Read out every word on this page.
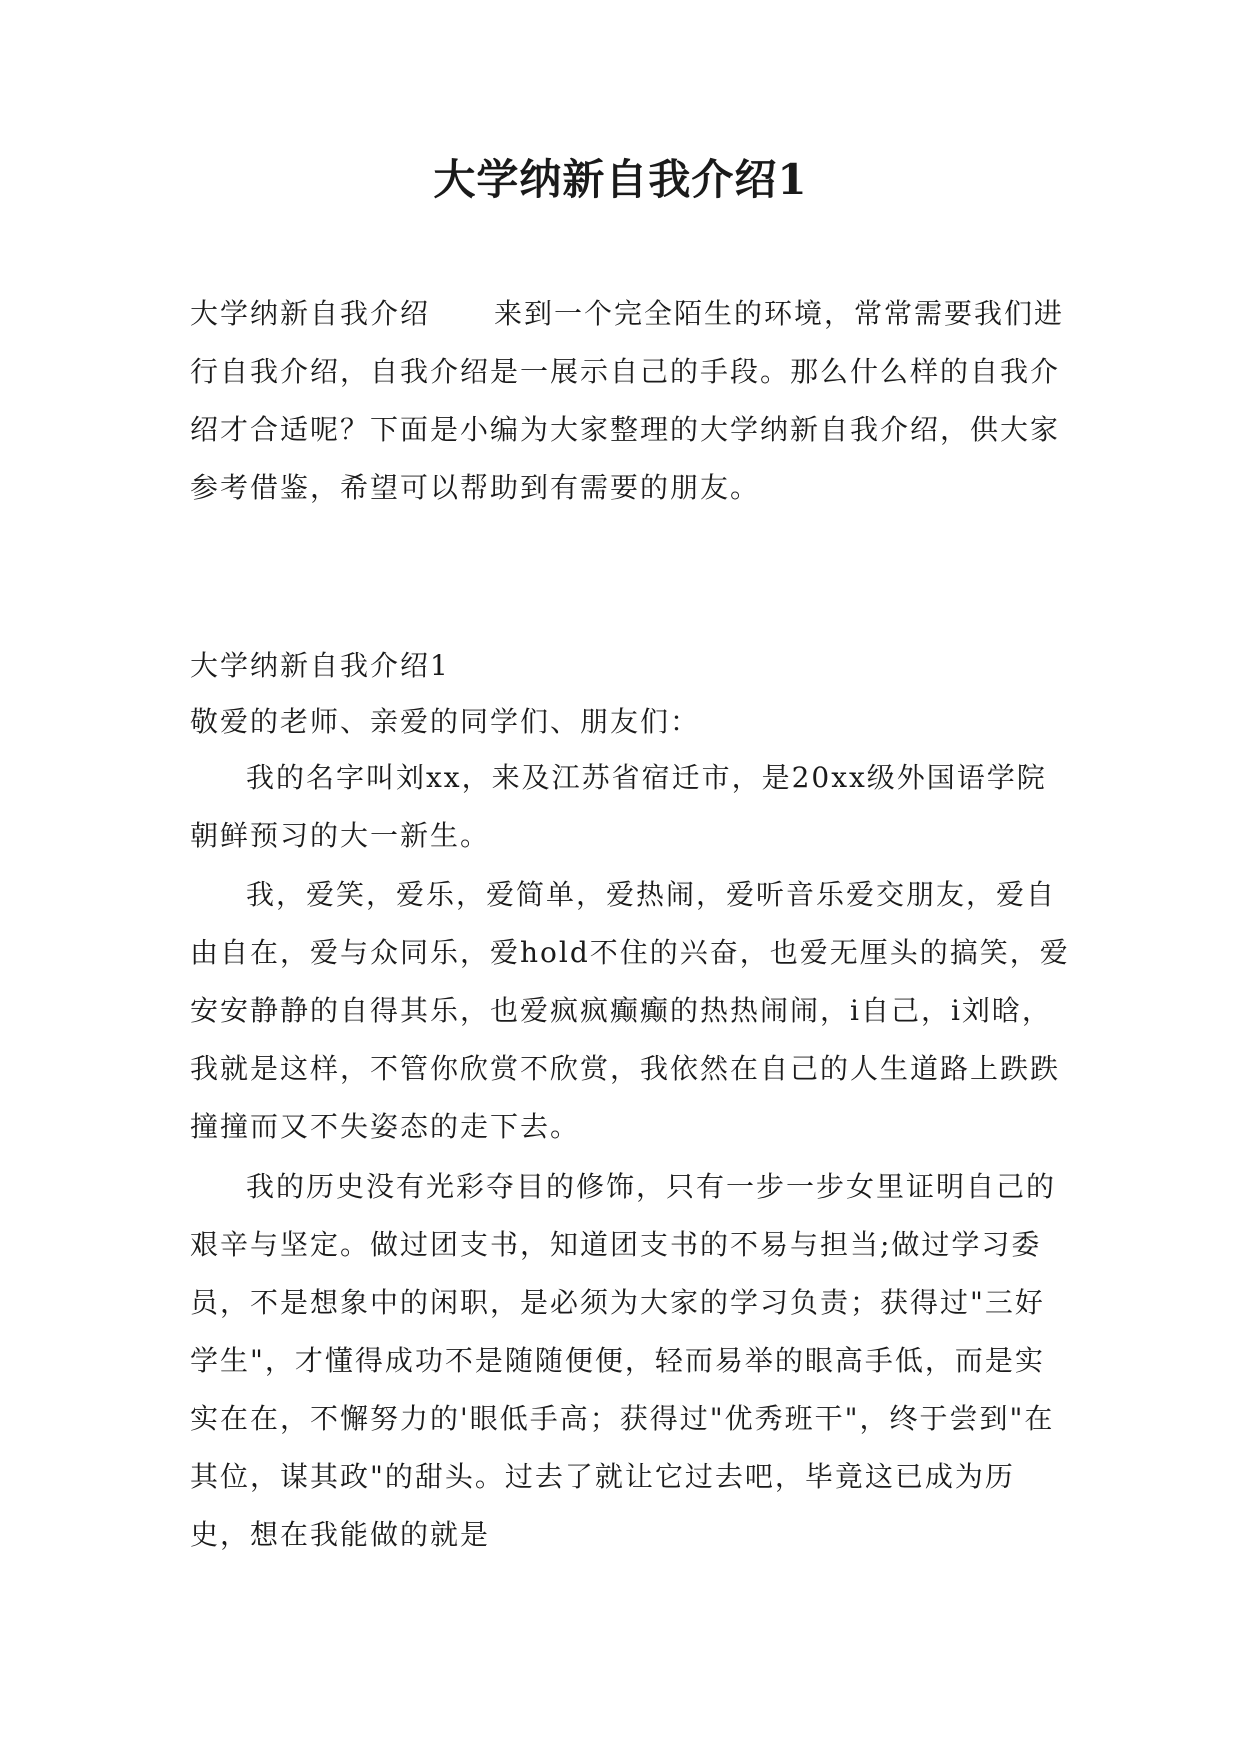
大学纳新自我介绍1

大学纳新自我介绍 来到一个完全陌生的环境，常常需要我们进行自我介绍，自我介绍是一展示自己的手段。那么什么样的自我介绍才合适呢？下面是小编为大家整理的大学纳新自我介绍，供大家参考借鉴，希望可以帮助到有需要的朋友。

大学纳新自我介绍1

敬爱的老师、亲爱的同学们、朋友们：

我的名字叫刘xx，来及江苏省宿迁市，是20xx级外国语学院朝鲜预习的大一新生。

我，爱笑，爱乐，爱简单，爱热闹，爱听音乐爱交朋友，爱自由自在，爱与众同乐，爱hold不住的兴奋，也爱无厘头的搞笑，爱安安静静的自得其乐，也爱疯疯癫癫的热热闹闹，i自己，i刘晗，我就是这样，不管你欣赏不欣赏，我依然在自己的人生道路上跌跌撞撞而又不失姿态的走下去。

我的历史没有光彩夺目的修饰，只有一步一步女里证明自己的艰辛与坚定。做过团支书，知道团支书的不易与担当;做过学习委员，不是想象中的闲职，是必须为大家的学习负责；获得过"三好学生"，才懂得成功不是随随便便，轻而易举的眼高手低，而是实实在在，不懈努力的'眼低手高；获得过"优秀班干"，终于尝到"在其位，谋其政"的甜头。过去了就让它过去吧，毕竟这已成为历史，想在我能做的就是
